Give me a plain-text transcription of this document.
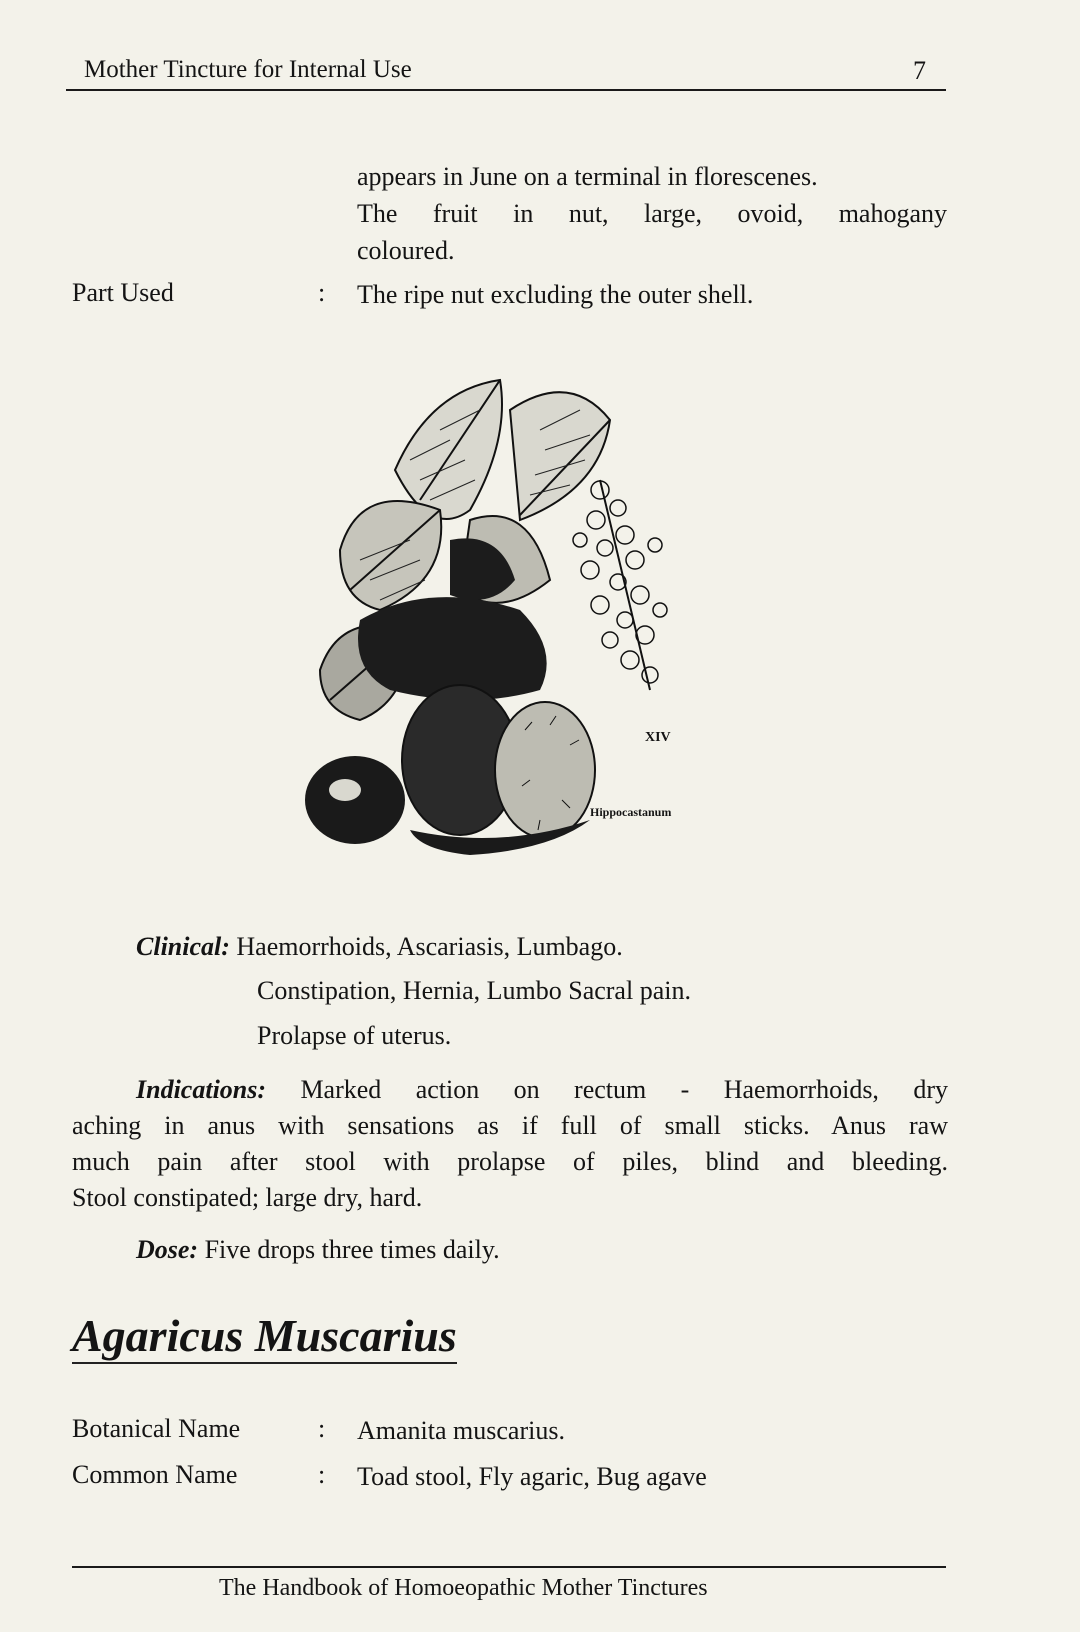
Mother Tincture for Internal Use	7
appears in June on a terminal in florescenes.
The fruit in nut, large, ovoid, mahogany
coloured.
Part Used	: The ripe nut excluding the outer shell.
XIV
Hippocastanum
Clinical: Haemorrhoids, Ascariasis, Lumbago.
Constipation, Hernia, Lumbo Sacral pain.
Prolapse of uterus.
Indications: Marked action on rectum - Haemorrhoids, dry
aching in anus with sensations as if full of small sticks. Anus raw
much pain after stool with prolapse of piles, blind and bleeding.
Stool constipated; large dry, hard.
Dose: Five drops three times daily.
Agaricus Muscarius
Botanical Name	: Amanita muscarius.
Common Name	: Toad stool, Fly agaric, Bug agave
The Handbook of Homoeopathic Mother Tinctures
